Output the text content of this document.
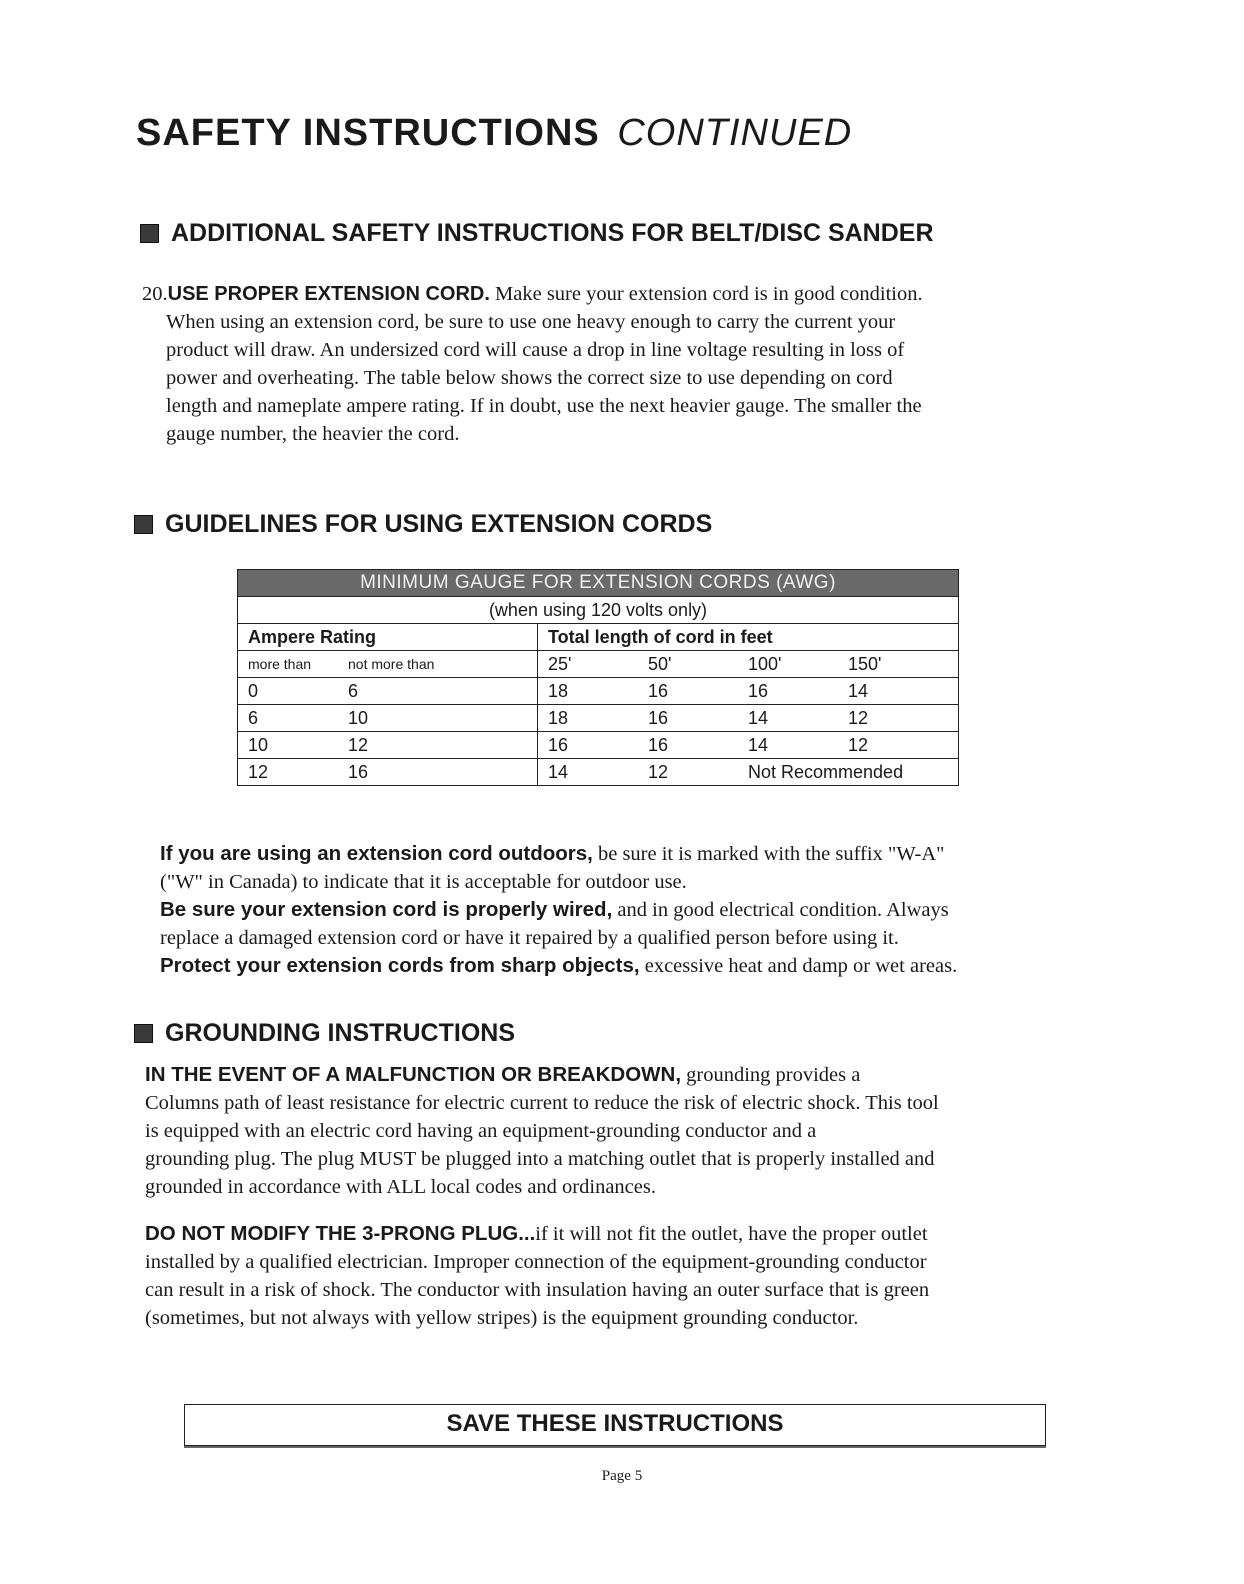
SAFETY INSTRUCTIONS CONTINUED
ADDITIONAL SAFETY INSTRUCTIONS FOR BELT/DISC SANDER
20.USE PROPER EXTENSION CORD. Make sure your extension cord is in good condition.
When using an extension cord, be sure to use one heavy enough to carry the current your
product will draw. An undersized cord will cause a drop in line voltage resulting in loss of
power and overheating. The table below shows the correct size to use depending on cord
length and nameplate ampere rating. If in doubt, use the next heavier gauge. The smaller the
gauge number, the heavier the cord.
GUIDELINES FOR USING EXTENSION CORDS
MINIMUM GAUGE FOR EXTENSION CORDS (AWG)	
(when using 120 volts only)	
Ampere Rating	Total length of cord in feet

more than not more than	25' 50' 100' 150'

0 6	18 16 16 14

6 10	18 16 14 12

10 12	16 16 14 12

12 16	14 12 Not Recommended
If you are using an extension cord outdoors, be sure it is marked with the suffix "W-A"
("W" in Canada) to indicate that it is acceptable for outdoor use.
Be sure your extension cord is properly wired, and in good electrical condition. Always
replace a damaged extension cord or have it repaired by a qualified person before using it.
Protect your extension cords from sharp objects, excessive heat and damp or wet areas.
GROUNDING INSTRUCTIONS
IN THE EVENT OF A MALFUNCTION OR BREAKDOWN, grounding provides a
Columns path of least resistance for electric current to reduce the risk of electric shock. This tool
is equipped with an electric cord having an equipment-grounding conductor and a
grounding plug. The plug MUST be plugged into a matching outlet that is properly installed and
grounded in accordance with ALL local codes and ordinances.
DO NOT MODIFY THE 3-PRONG PLUG...if it will not fit the outlet, have the proper outlet
installed by a qualified electrician. Improper connection of the equipment-grounding conductor
can result in a risk of shock. The conductor with insulation having an outer surface that is green
(sometimes, but not always with yellow stripes) is the equipment grounding conductor.
SAVE THESE INSTRUCTIONS
Page 5
